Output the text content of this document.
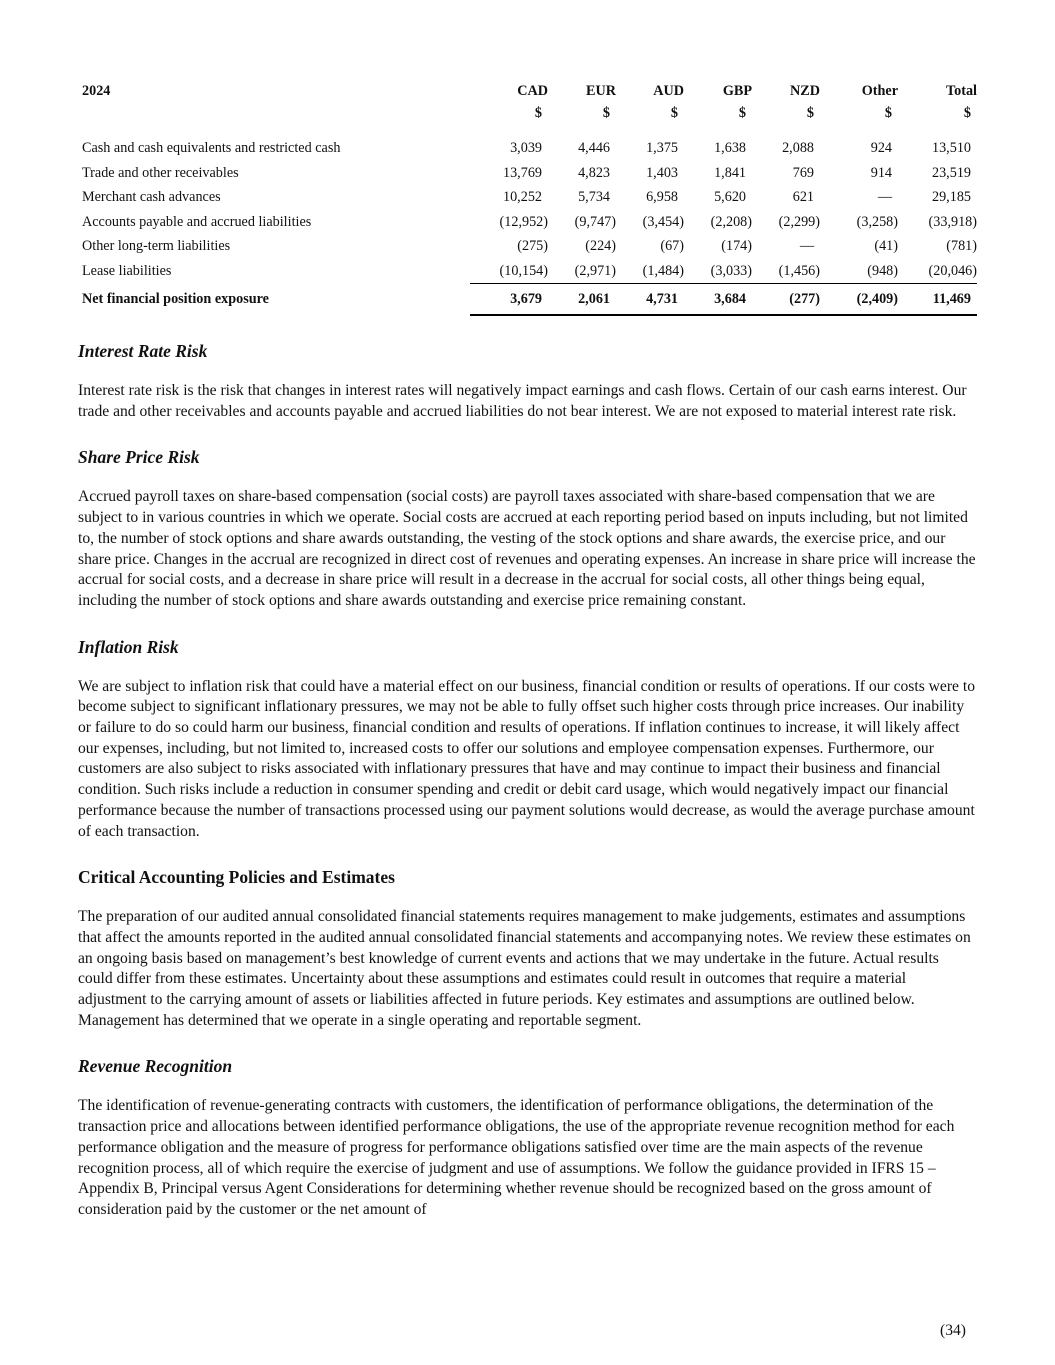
2024	CAD	EUR	AUD	GBP	NZD	Other	Total
	$	$	$	$	$	$	$

Cash and cash equivalents and restricted cash	3,039	4,446	1,375	1,638	2,088	924	13,510
Trade and other receivables	13,769	4,823	1,403	1,841	769	914	23,519
Merchant cash advances	10,252	5,734	6,958	5,620	621	—	29,185
Accounts payable and accrued liabilities	(12,952)	(9,747)	(3,454)	(2,208)	(2,299)	(3,258)	(33,918)
Other long-term liabilities	(275)	(224)	(67)	(174)	—	(41)	(781)
Lease liabilities	(10,154)	(2,971)	(1,484)	(3,033)	(1,456)	(948)	(20,046)
Net financial position exposure	3,679	2,061	4,731	3,684	(277)	(2,409)	11,469
Interest Rate Risk

Interest rate risk is the risk that changes in interest rates will negatively impact earnings and cash flows. Certain of our cash earns interest. Our trade and other receivables and accounts payable and accrued liabilities do not bear interest. We are not exposed to material interest rate risk.

Share Price Risk

Accrued payroll taxes on share-based compensation (social costs) are payroll taxes associated with share-based compensation that we are subject to in various countries in which we operate. Social costs are accrued at each reporting period based on inputs including, but not limited to, the number of stock options and share awards outstanding, the vesting of the stock options and share awards, the exercise price, and our share price. Changes in the accrual are recognized in direct cost of revenues and operating expenses. An increase in share price will increase the accrual for social costs, and a decrease in share price will result in a decrease in the accrual for social costs, all other things being equal, including the number of stock options and share awards outstanding and exercise price remaining constant.

Inflation Risk

We are subject to inflation risk that could have a material effect on our business, financial condition or results of operations. If our costs were to become subject to significant inflationary pressures, we may not be able to fully offset such higher costs through price increases. Our inability or failure to do so could harm our business, financial condition and results of operations. If inflation continues to increase, it will likely affect our expenses, including, but not limited to, increased costs to offer our solutions and employee compensation expenses. Furthermore, our customers are also subject to risks associated with inflationary pressures that have and may continue to impact their business and financial condition. Such risks include a reduction in consumer spending and credit or debit card usage, which would negatively impact our financial performance because the number of transactions processed using our payment solutions would decrease, as would the average purchase amount of each transaction.

Critical Accounting Policies and Estimates

The preparation of our audited annual consolidated financial statements requires management to make judgements, estimates and assumptions that affect the amounts reported in the audited annual consolidated financial statements and accompanying notes. We review these estimates on an ongoing basis based on management’s best knowledge of current events and actions that we may undertake in the future. Actual results could differ from these estimates. Uncertainty about these assumptions and estimates could result in outcomes that require a material adjustment to the carrying amount of assets or liabilities affected in future periods. Key estimates and assumptions are outlined below. Management has determined that we operate in a single operating and reportable segment.

Revenue Recognition

The identification of revenue-generating contracts with customers, the identification of performance obligations, the determination of the transaction price and allocations between identified performance obligations, the use of the appropriate revenue recognition method for each performance obligation and the measure of progress for performance obligations satisfied over time are the main aspects of the revenue recognition process, all of which require the exercise of judgment and use of assumptions. We follow the guidance provided in IFRS 15 – Appendix B, Principal versus Agent Considerations for determining whether revenue should be recognized based on the gross amount of consideration paid by the customer or the net amount of

(34)
